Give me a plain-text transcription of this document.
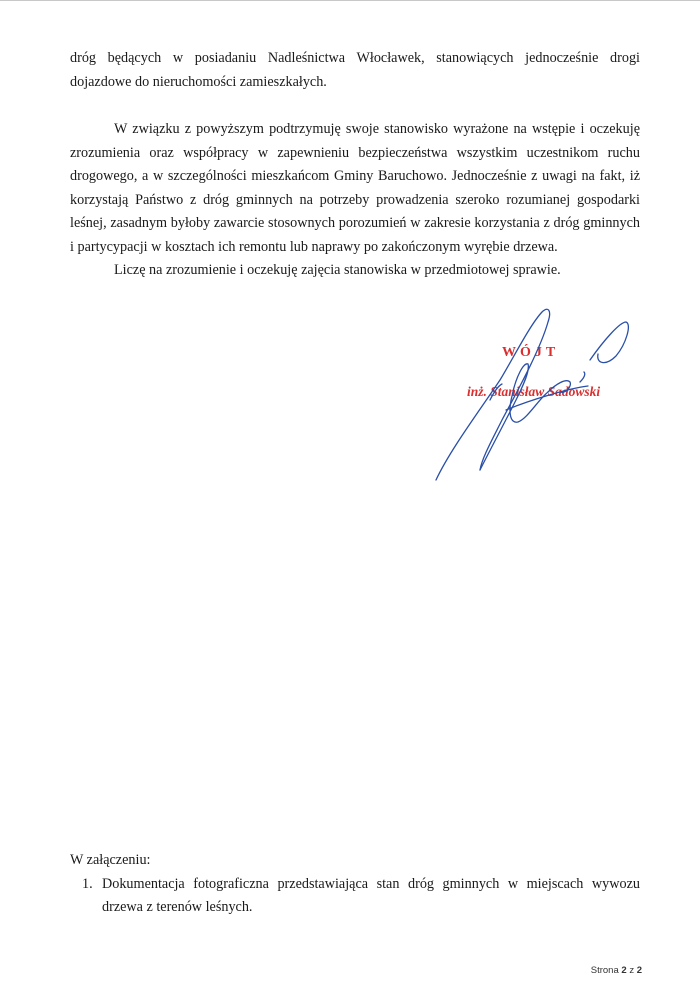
dróg będących w posiadaniu Nadleśnictwa Włocławek, stanowiących jednocześnie drogi dojazdowe do nieruchomości zamieszkałych.

W związku z powyższym podtrzymuję swoje stanowisko wyrażone na wstępie i oczekuję zrozumienia oraz współpracy w zapewnieniu bezpieczeństwa wszystkim uczestnikom ruchu drogowego, a w szczególności mieszkańcom Gminy Baruchowo. Jednocześnie z uwagi na fakt, iż korzystają Państwo z dróg gminnych na potrzeby prowadzenia szeroko rozumianej gospodarki leśnej, zasadnym byłoby zawarcie stosownych porozumień w zakresie korzystania z dróg gminnych i partycypacji w kosztach ich remontu lub naprawy po zakończonym wyrębie drzewa.

Liczę na zrozumienie i oczekuję zajęcia stanowiska w przedmiotowej sprawie.

WÓJT
inż. Stanisław Sadowski
W załączeniu:
1. Dokumentacja fotograficzna przedstawiająca stan dróg gminnych w miejscach wywozu drzewa z terenów leśnych.
Strona 2 z 2
